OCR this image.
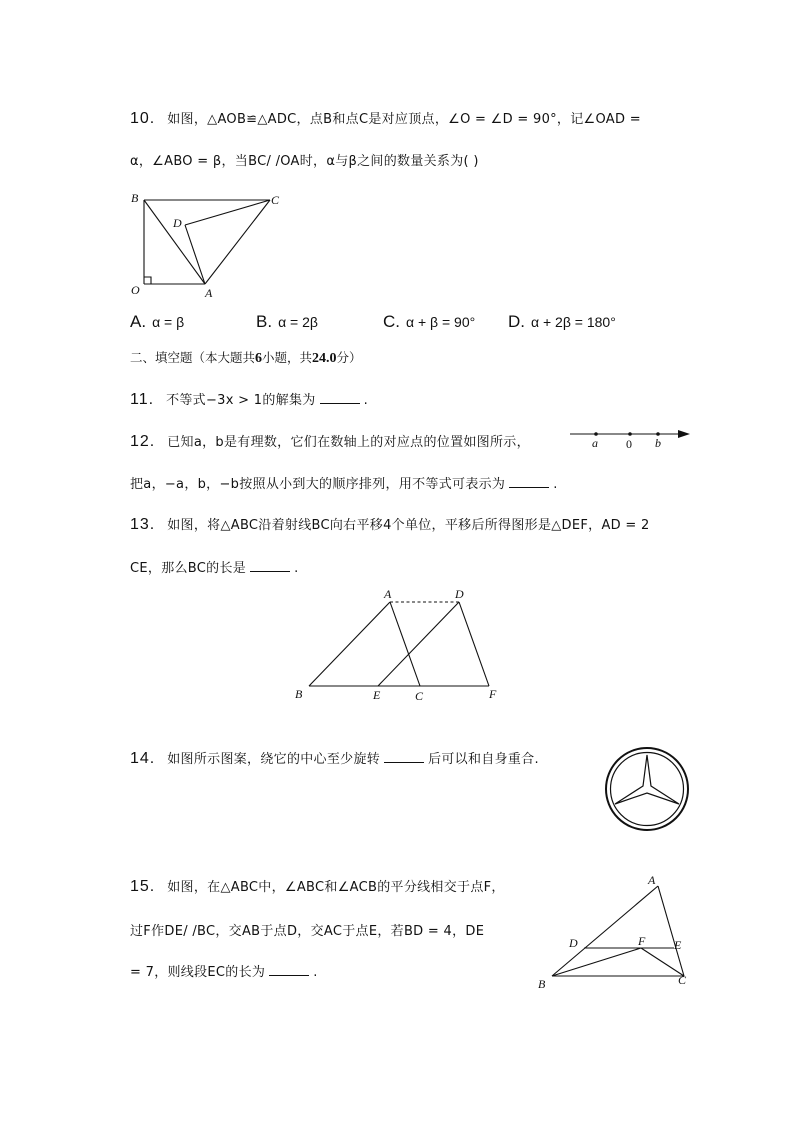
10. 如图，△AOB≌△ADC，点B和点C是对应顶点，∠O = ∠D = 90°，记∠OAD =
α，∠ABO = β，当BC/ /OA时，α与β之间的数量关系为( )
B	C
D
O	A
A. α = β	B. α = 2β	C. α + β = 90° D. α + 2β = 180°
二、填空题（本大题共6小题，共24.0分）
11. 不等式−3x > 1的解集为	.
12. 已知a，b是有理数，它们在数轴上的对应点的位置如图所示，	a 0 b
把a，−a，b，−b按照从小到大的顺序排列，用不等式可表示为	.
13. 如图，将△ABC沿着射线BC向右平移4个单位，平移后所得图形是△DEF，AD = 2
CE，那么BC的长是	.
A	D
B	E	C	F
14. 如图所示图案，绕它的中心至少旋转	后可以和自身重合.
15. 如图，在△ABC中，∠ABC和∠ACB的平分线相交于点F，
过F作DE/ /BC，交AB于点D，交AC于点E，若BD = 4，DE
= 7，则线段EC的长为	.
A
D	F E
B	C
